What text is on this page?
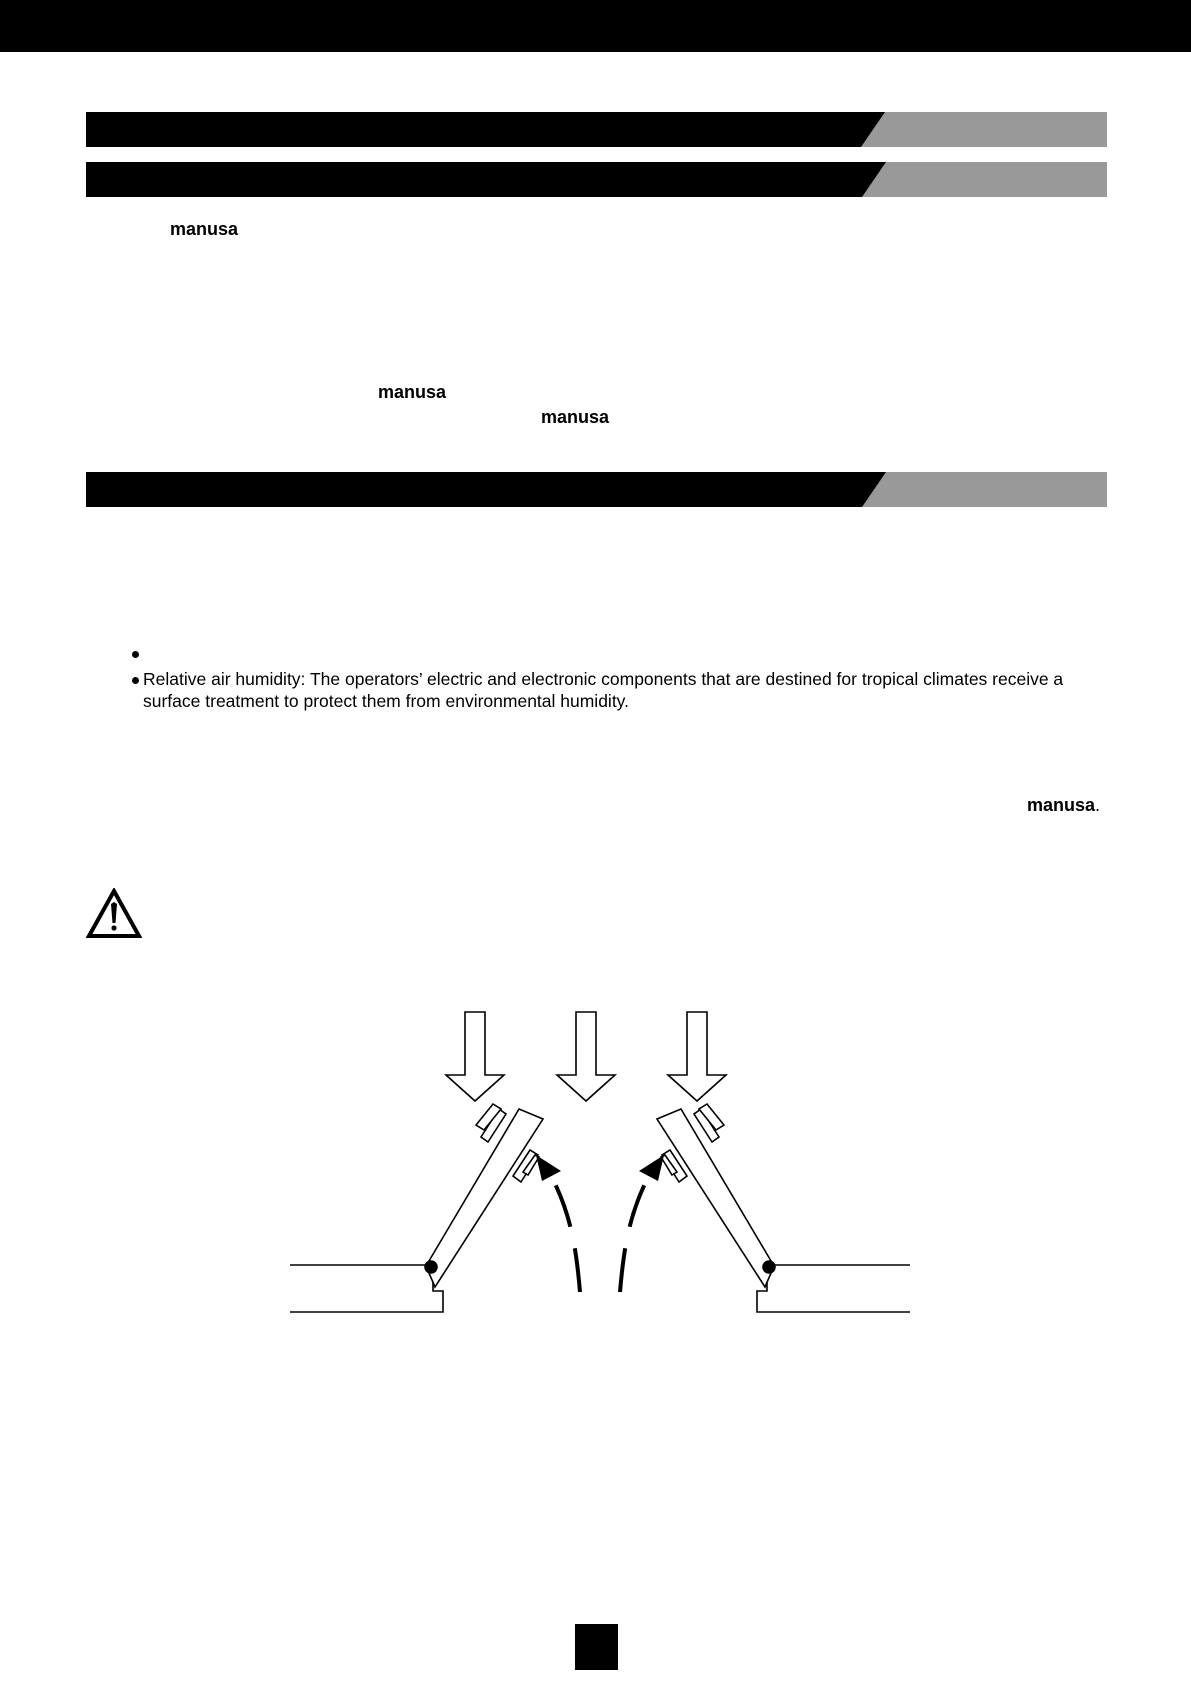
manusa
manusa
manusa
manusa.
Relative air humidity: The operators’ electric and electronic components that are destined for tropical climates receive a
surface treatment to protect them from environmental humidity.
